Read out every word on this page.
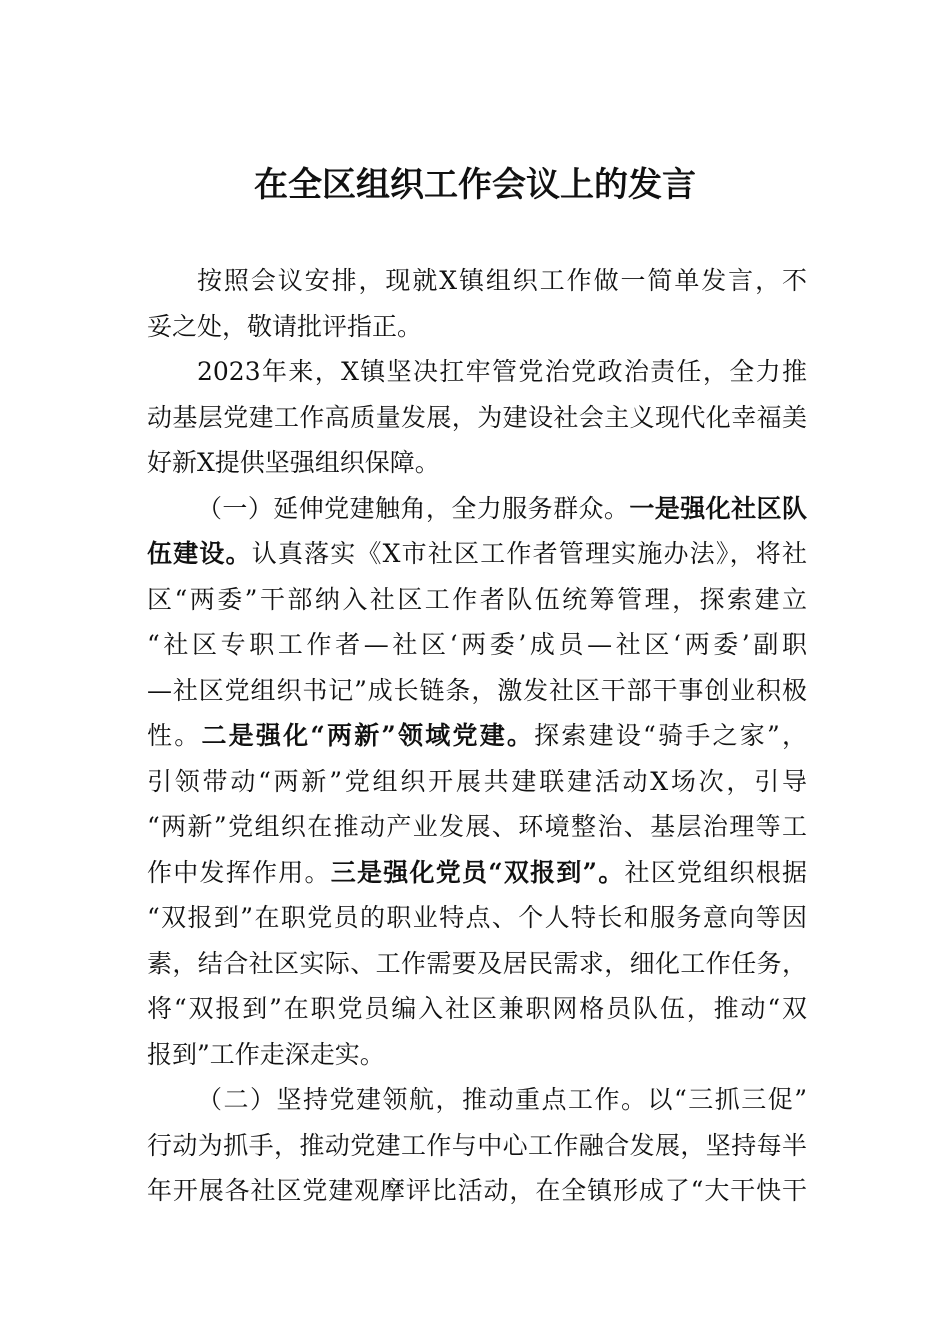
在全区组织工作会议上的发言
按照会议安排，现就X镇组织工作做一简单发言，不
妥之处，敬请批评指正。
2023年来，X镇坚决扛牢管党治党政治责任，全力推
动基层党建工作高质量发展，为建设社会主义现代化幸福美
好新X提供坚强组织保障。
（一）延伸党建触角，全力服务群众。一是强化社区队
伍建设。认真落实《X市社区工作者管理实施办法》，将社
区“两委”干部纳入社区工作者队伍统筹管理，探索建立
“社区专职工作者—社区‘两委’成员—社区‘两委’副职
—社区党组织书记”成长链条，激发社区干部干事创业积极
性。二是强化“两新”领域党建。探索建设“骑手之家”，
引领带动“两新”党组织开展共建联建活动X场次，引导
“两新”党组织在推动产业发展、环境整治、基层治理等工
作中发挥作用。三是强化党员“双报到”。社区党组织根据
“双报到”在职党员的职业特点、个人特长和服务意向等因
素，结合社区实际、工作需要及居民需求，细化工作任务，
将“双报到”在职党员编入社区兼职网格员队伍，推动“双
报到”工作走深走实。
（二）坚持党建领航，推动重点工作。以“三抓三促”
行动为抓手，推动党建工作与中心工作融合发展，坚持每半
年开展各社区党建观摩评比活动，在全镇形成了“大干快干
